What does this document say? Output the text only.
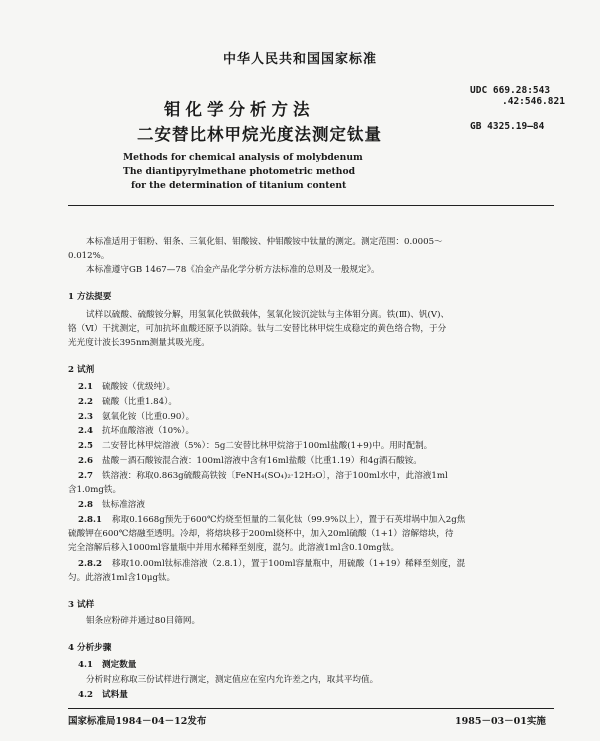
中华人民共和国国家标准
UDC 669.28:543
.42:546.821
GB 4325.19—84
钼化学分析方法
二安替比林甲烷光度法测定钛量
Methods for chemical analysis of molybdenum
The diantipyrylmethane photometric method
for the determination of titanium content
本标准适用于钼粉、钼条、三氧化钼、钼酸铵、仲钼酸铵中钛量的测定。测定范围：0.0005～
0.012%。
本标准遵守GB 1467—78《冶金产品化学分析方法标准的总则及一般规定》。
1 方法提要
试样以硫酸、硫酸铵分解，用氢氧化铁做载体，氢氧化铵沉淀钛与主体钼分离。铁(Ⅲ)、钒(Ⅴ)、
铬（Ⅵ）干扰测定，可加抗坏血酸还原予以消除。钛与二安替比林甲烷生成稳定的黄色络合物，于分
光光度计波长395nm测量其吸光度。
2 试剂
2.1 硫酸铵（优级纯）。
2.2 硫酸（比重1.84）。
2.3 氨氧化铵（比重0.90）。
2.4 抗坏血酸溶液（10%）。
2.5 二安替比林甲烷溶液（5%）：5g二安替比林甲烷溶于100ml盐酸(1+9)中。用时配制。
2.6 盐酸－酒石酸铵混合液：100ml溶液中含有16ml盐酸（比重1.19）和4g酒石酸铵。
2.7 铁溶液：称取0.863g硫酸高铁铵〔FeNH₄(SO₄)₂·12H₂O〕，溶于100ml水中，此溶液1ml
含1.0mg铁。
2.8 钛标准溶液
2.8.1 称取0.1668g预先于600℃灼烧至恒量的二氧化钛（99.9%以上），置于石英坩埚中加入2g焦
硫酸钾在600℃熔融至透明。冷却，将熔块移于200ml烧杯中，加入20ml硫酸（1+1）溶解熔块，待
完全溶解后移入1000ml容量瓶中并用水稀释至刻度，混匀。此溶液1ml含0.10mg钛。
2.8.2 移取10.00ml钛标准溶液（2.8.1），置于100ml容量瓶中，用硫酸（1+19）稀释至刻度，混
匀。此溶液1ml含10μg钛。
3 试样
钼条应粉碎并通过80目筛网。
4 分析步骤
4.1 测定数量
分析时应称取三份试样进行测定，测定值应在室内允许差之内，取其平均值。
4.2 试料量
国家标准局1984－04－12发布	1985－03－01实施
